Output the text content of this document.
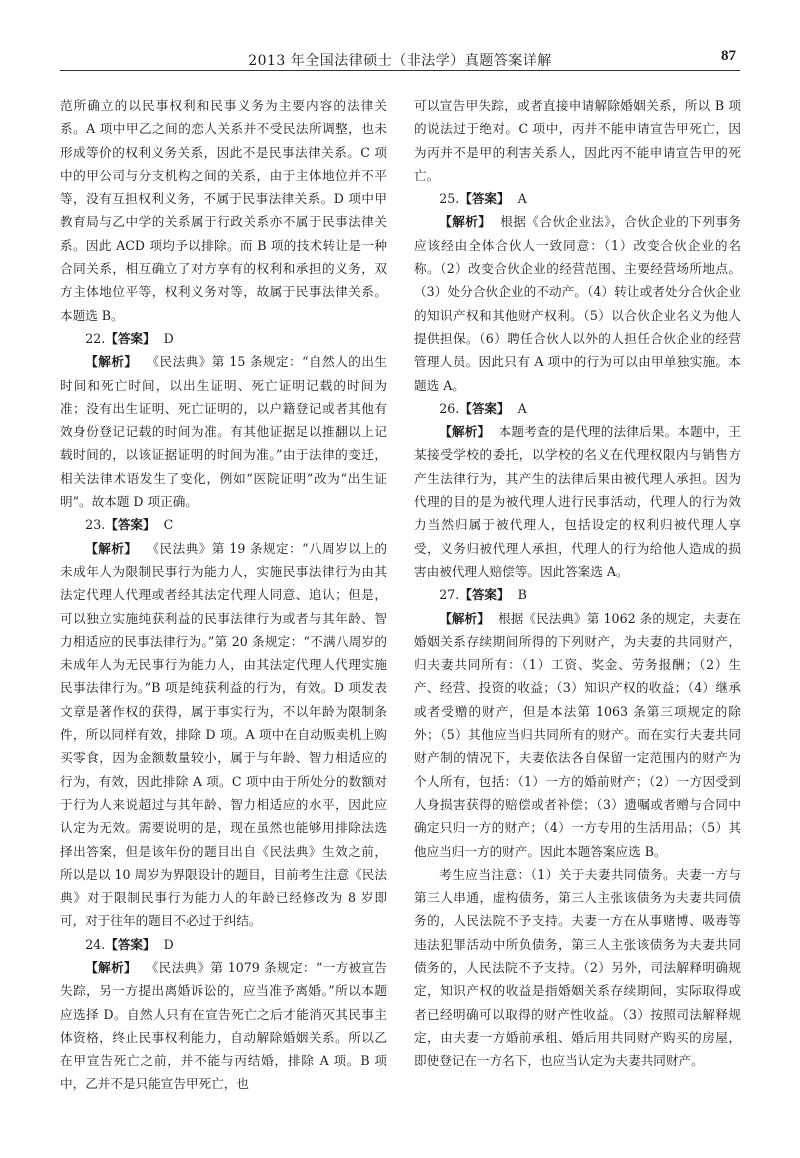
2013 年全国法律硕士（非法学）真题答案详解	87

范所确立的以民事权利和民事义务为主要内容的法律关系。A 项中甲乙之间的恋人关系并不受民法所调整，也未形成等价的权利义务关系，因此不是民事法律关系。C 项中的甲公司与分支机构之间的关系，由于主体地位并不平等，没有互担权利义务，不属于民事法律关系。D 项中甲教育局与乙中学的关系属于行政关系亦不属于民事法律关系。因此 ACD 项均予以排除。而 B 项的技术转让是一种合同关系，相互确立了对方享有的权利和承担的义务，双方主体地位平等，权利义务对等，故属于民事法律关系。本题选 B。

22.【答案】 D

【解析】 《民法典》第 15 条规定：“自然人的出生时间和死亡时间，以出生证明、死亡证明记载的时间为准；没有出生证明、死亡证明的，以户籍登记或者其他有效身份登记记载的时间为准。有其他证据足以推翻以上记载时间的，以该证据证明的时间为准。”由于法律的变迁，相关法律术语发生了变化，例如“医院证明”改为“出生证明”。故本题 D 项正确。

23.【答案】 C

【解析】 《民法典》第 19 条规定：“八周岁以上的未成年人为限制民事行为能力人，实施民事法律行为由其法定代理人代理或者经其法定代理人同意、追认；但是，可以独立实施纯获利益的民事法律行为或者与其年龄、智力相适应的民事法律行为。”第 20 条规定：“不满八周岁的未成年人为无民事行为能力人，由其法定代理人代理实施民事法律行为。”B 项是纯获利益的行为，有效。D 项发表文章是著作权的获得，属于事实行为，不以年龄为限制条件，所以同样有效，排除 D 项。A 项中在自动贩卖机上购买零食，因为金额数量较小，属于与年龄、智力相适应的行为，有效，因此排除 A 项。C 项中由于所处分的数额对于行为人来说超过与其年龄、智力相适应的水平，因此应认定为无效。需要说明的是，现在虽然也能够用排除法选择出答案，但是该年份的题目出自《民法典》生效之前，所以是以 10 周岁为界限设计的题目，目前考生注意《民法典》对于限制民事行为能力人的年龄已经修改为 8 岁即可，对于往年的题目不必过于纠结。

24.【答案】 D

【解析】 《民法典》第 1079 条规定：“一方被宣告失踪，另一方提出离婚诉讼的，应当准予离婚。”所以本题应选择 D。自然人只有在宣告死亡之后才能消灭其民事主体资格，终止民事权利能力，自动解除婚姻关系。所以乙在甲宣告死亡之前，并不能与丙结婚，排除 A 项。B 项中，乙并不是只能宣告甲死亡，也

可以宣告甲失踪，或者直接申请解除婚姻关系，所以 B 项的说法过于绝对。C 项中，丙并不能申请宣告甲死亡，因为丙并不是甲的利害关系人，因此丙不能申请宣告甲的死亡。

25.【答案】 A

【解析】 根据《合伙企业法》，合伙企业的下列事务应该经由全体合伙人一致同意：（1）改变合伙企业的名称。（2）改变合伙企业的经营范围、主要经营场所地点。（3）处分合伙企业的不动产。（4）转让或者处分合伙企业的知识产权和其他财产权利。（5）以合伙企业名义为他人提供担保。（6）聘任合伙人以外的人担任合伙企业的经营管理人员。因此只有 A 项中的行为可以由甲单独实施。本题选 A。

26.【答案】 A

【解析】 本题考查的是代理的法律后果。本题中，王某接受学校的委托，以学校的名义在代理权限内与销售方产生法律行为，其产生的法律后果由被代理人承担。因为代理的目的是为被代理人进行民事活动，代理人的行为效力当然归属于被代理人，包括设定的权利归被代理人享受，义务归被代理人承担，代理人的行为给他人造成的损害由被代理人赔偿等。因此答案选 A。

27.【答案】 B

【解析】 根据《民法典》第 1062 条的规定，夫妻在婚姻关系存续期间所得的下列财产，为夫妻的共同财产，归夫妻共同所有：（1）工资、奖金、劳务报酬；（2）生产、经营、投资的收益；（3）知识产权的收益；（4）继承或者受赠的财产，但是本法第 1063 条第三项规定的除外；（5）其他应当归共同所有的财产。而在实行夫妻共同财产制的情况下，夫妻依法各自保留一定范围内的财产为个人所有，包括：（1）一方的婚前财产；（2）一方因受到人身损害获得的赔偿或者补偿；（3）遗嘱或者赠与合同中确定只归一方的财产；（4）一方专用的生活用品；（5）其他应当归一方的财产。因此本题答案应选 B。

考生应当注意：（1）关于夫妻共同债务。夫妻一方与第三人串通，虚构债务，第三人主张该债务为夫妻共同债务的，人民法院不予支持。夫妻一方在从事赌博、吸毒等违法犯罪活动中所负债务，第三人主张该债务为夫妻共同债务的，人民法院不予支持。（2）另外，司法解释明确规定，知识产权的收益是指婚姻关系存续期间，实际取得或者已经明确可以取得的财产性收益。（3）按照司法解释规定，由夫妻一方婚前承租、婚后用共同财产购买的房屋，即使登记在一方名下，也应当认定为夫妻共同财产。
